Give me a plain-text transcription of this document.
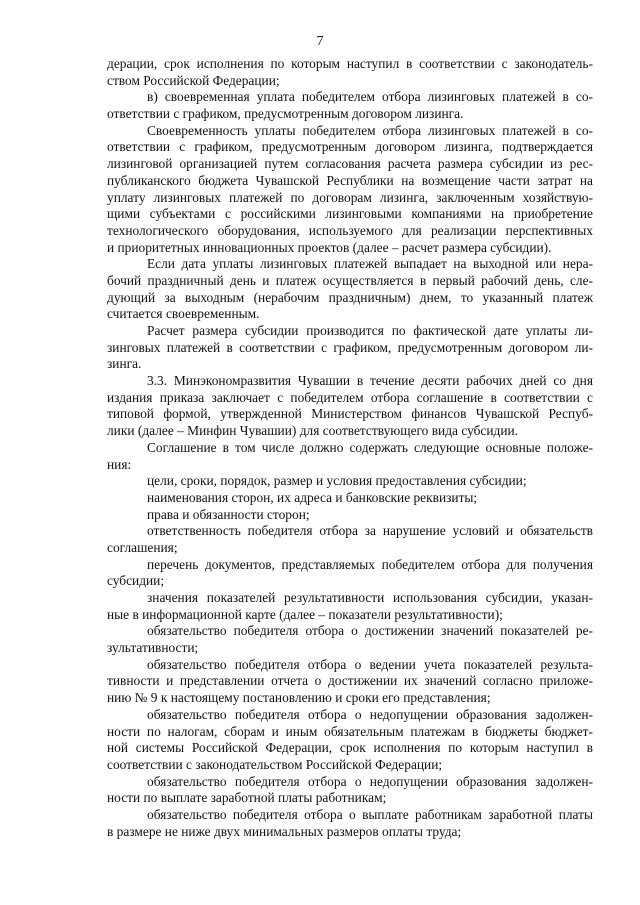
7
дерации, срок исполнения по которым наступил в соответствии с законодатель-
ством Российской Федерации;
в) своевременная уплата победителем отбора лизинговых платежей в со-
ответствии с графиком, предусмотренным договором лизинга.
Своевременность уплаты победителем отбора лизинговых платежей в со-
ответствии с графиком, предусмотренным договором лизинга, подтверждается
лизинговой организацией путем согласования расчета размера субсидии из рес-
публиканского бюджета Чувашской Республики на возмещение части затрат на
уплату лизинговых платежей по договорам лизинга, заключенным хозяйствую-
щими субъектами с российскими лизинговыми компаниями на приобретение
технологического оборудования, используемого для реализации перспективных
и приоритетных инновационных проектов (далее – расчет размера субсидии).
Если дата уплаты лизинговых платежей выпадает на выходной или нера-
бочий праздничный день и платеж осуществляется в первый рабочий день, сле-
дующий за выходным (нерабочим праздничным) днем, то указанный платеж
считается своевременным.
Расчет размера субсидии производится по фактической дате уплаты ли-
зинговых платежей в соответствии с графиком, предусмотренным договором ли-
зинга.
3.3. Минэкономразвития Чувашии в течение десяти рабочих дней со дня
издания приказа заключает с победителем отбора соглашение в соответствии с
типовой формой, утвержденной Министерством финансов Чувашской Респуб-
лики (далее – Минфин Чувашии) для соответствующего вида субсидии.
Соглашение в том числе должно содержать следующие основные положе-
ния:
цели, сроки, порядок, размер и условия предоставления субсидии;
наименования сторон, их адреса и банковские реквизиты;
права и обязанности сторон;
ответственность победителя отбора за нарушение условий и обязательств
соглашения;
перечень документов, представляемых победителем отбора для получения
субсидии;
значения показателей результативности использования субсидии, указан-
ные в информационной карте (далее – показатели результативности);
обязательство победителя отбора о достижении значений показателей ре-
зультативности;
обязательство победителя отбора о ведении учета показателей результа-
тивности и представлении отчета о достижении их значений согласно приложе-
нию № 9 к настоящему постановлению и сроки его представления;
обязательство победителя отбора о недопущении образования задолжен-
ности по налогам, сборам и иным обязательным платежам в бюджеты бюджет-
ной системы Российской Федерации, срок исполнения по которым наступил в
соответствии с законодательством Российской Федерации;
обязательство победителя отбора о недопущении образования задолжен-
ности по выплате заработной платы работникам;
обязательство победителя отбора о выплате работникам заработной платы
в размере не ниже двух минимальных размеров оплаты труда;
